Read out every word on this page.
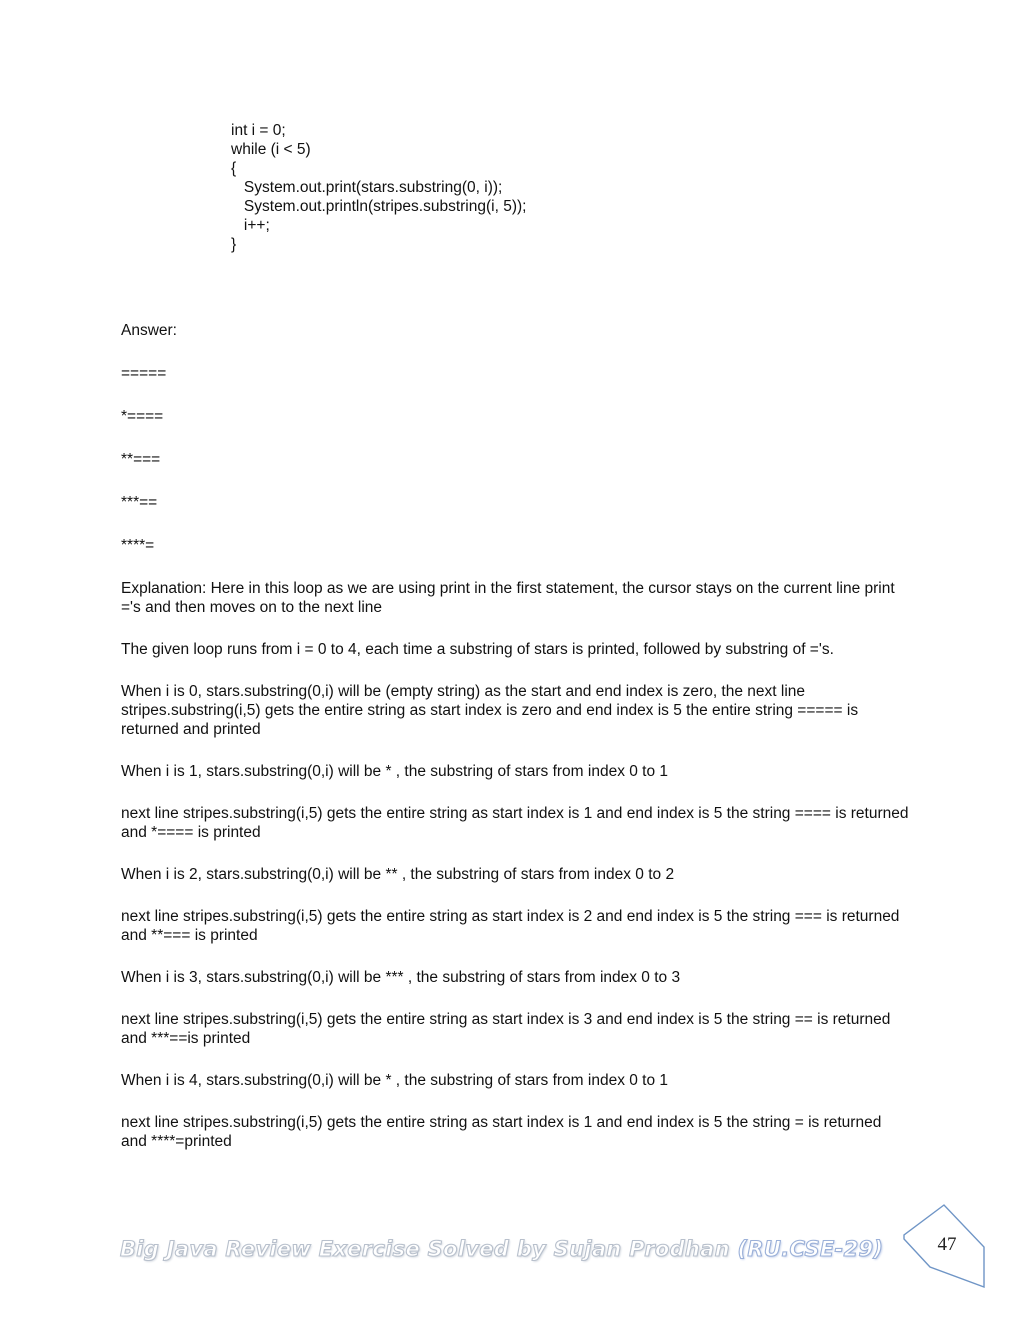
int i = 0;
while (i < 5)
{
System.out.print(stars.substring(0, i));
System.out.println(stripes.substring(i, 5));
i++;
}

Answer:

=====

*====

**===

***==

****=

Explanation: Here in this loop as we are using print in the first statement, the cursor stays on the current line print ='s and then moves on to the next line

The given loop runs from i = 0 to 4, each time a substring of stars is printed, followed by substring of ='s.

When i is 0, stars.substring(0,i) will be (empty string) as the start and end index is zero, the next line stripes.substring(i,5) gets the entire string as start index is zero and end index is 5 the entire string ===== is returned and printed

When i is 1, stars.substring(0,i) will be * , the substring of stars from index 0 to 1

next line stripes.substring(i,5) gets the entire string as start index is 1 and end index is 5 the string ==== is returned and *==== is printed

When i is 2, stars.substring(0,i) will be ** , the substring of stars from index 0 to 2

next line stripes.substring(i,5) gets the entire string as start index is 2 and end index is 5 the string === is returned and **=== is printed

When i is 3, stars.substring(0,i) will be *** , the substring of stars from index 0 to 3

next line stripes.substring(i,5) gets the entire string as start index is 3 and end index is 5 the string == is returned and ***==is printed

When i is 4, stars.substring(0,i) will be * , the substring of stars from index 0 to 1

next line stripes.substring(i,5) gets the entire string as start index is 1 and end index is 5 the string = is returned and ****=printed

Big Java Review Exercise Solved by Sujan Prodhan (RU.CSE-29)	47
